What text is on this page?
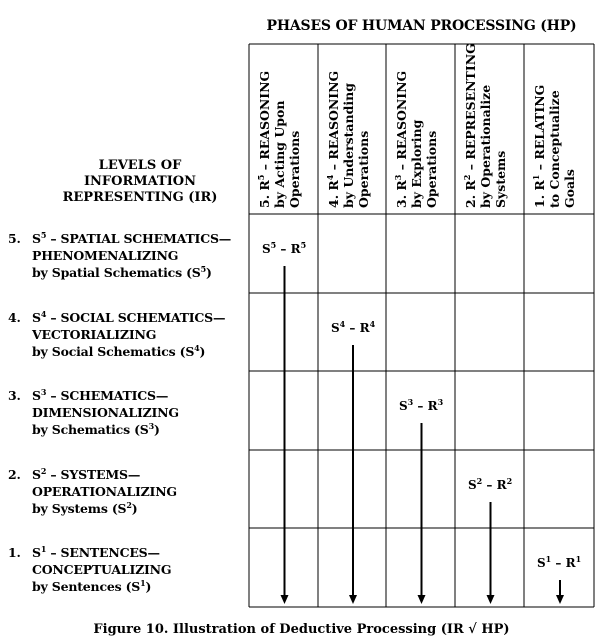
PHASES OF HUMAN PROCESSING (HP)
LEVELS OF
INFORMATION
REPRESENTING (IR)	5. $R^5$ – REASONING by Acting Upon Operations 4. $R^4$ – REASONING by Understanding Operations 3. $R^3$ – REASONING by Exploring Operations 2. $R^2$ – REPRESENTING by Operationalize Systems 1. $R^1$ – RELATING to Conceptualize Goals
5. $S^5$ – SPATIAL SCHEMATICS—
PHENOMENALIZING
by Spatial Schematics $(S^5)$
$S^5 - R^5$
4. $S^4$ – SOCIAL SCHEMATICS—
VECTORIALIZING
by Social Schematics $(S^4)$
$S^4 - R^4$
3. $S^3$ – SCHEMATICS—
DIMENSIONALIZING
by Schematics $(S^3)$
$S^3 - R^3$
2. $S^2$ – SYSTEMS—
OPERATIONALIZING
by Systems $(S^2)$
$S^2 - R^2$
1. $S^1$ – SENTENCES—
CONCEPTUALIZING
by Sentences $(S^1)$
$S^1 - R^1$
Figure 10. Illustration of Deductive Processing (IR √ HP)
